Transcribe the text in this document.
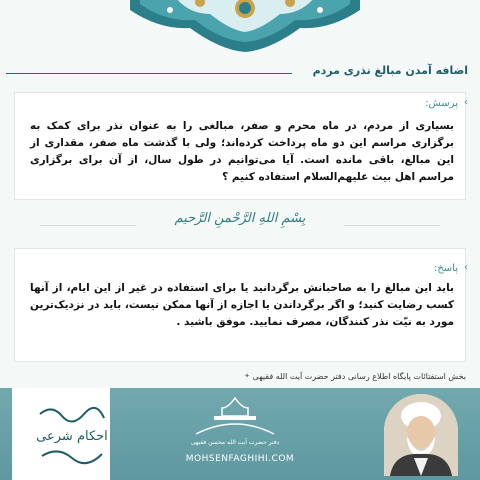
اضافه آمدن مبالغ نذری مردم
‹
پرسش:
بسیاری از مردم، در ماه محرم و صفر، مبالغی را به عنوان نذر برای کمک به برگزاری مراسم این دو ماه پرداخت کرده‌اند؛ ولی با گذشت ماه صفر، مقداری از این مبالغ، باقی مانده است. آیا می‌توانیم در طول سال، از آن برای برگزاری مراسم اهل بیت علیهم‌السلام استفاده کنیم ؟
بِسْمِ اللهِ الرَّحْمنِ الرَّحیم
‹
پاسخ:
باید این مبالغ را به صاحبانش برگردانید یا برای استفاده در غیر از این ایام، از آنها کسب رضایت کنید؛ و اگر برگرداندن یا اجازه از آنها ممکن نیست، باید در نزدیک‌ترین مورد به نیّت نذر کنندگان، مصرف نمایید. موفق باشید .
بخش استفتائات پایگاه اطلاع رسانی دفتر حضرت آیت الله فقیهی ✦
احکام شرعی	دفتر حضرت آیت الله محسن فقیهی
MOHSENFAGHIHI.COM
